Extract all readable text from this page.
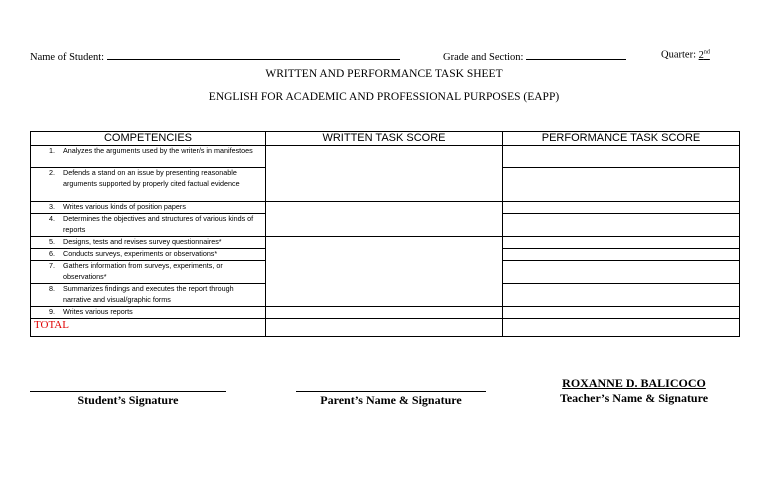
Name of Student:	Grade and Section:	Quarter: 2nd
WRITTEN AND PERFORMANCE TASK SHEET
ENGLISH FOR ACADEMIC AND PROFESSIONAL PURPOSES (EAPP)
COMPETENCIES	WRITTEN TASK SCORE	PERFORMANCE TASK SCORE

1. Analyzes the arguments used by the writer/s in manifestoes		

2. Defends a stand on an issue by presenting reasonable arguments supported by properly cited factual evidence		

3. Writes various kinds of position papers		

4. Determines the objectives and structures of various kinds of reports		

5. Designs, tests and revises survey questionnaires*		

6. Conducts surveys, experiments or observations*		

7. Gathers information from surveys, experiments, or observations*		

8. Summarizes findings and executes the report through narrative and visual/graphic forms		

9. Writes various reports		

TOTAL		

Student’s Signature	Parent’s Name & Signature
ROXANNE D. BALICOCO
Teacher’s Name & Signature
